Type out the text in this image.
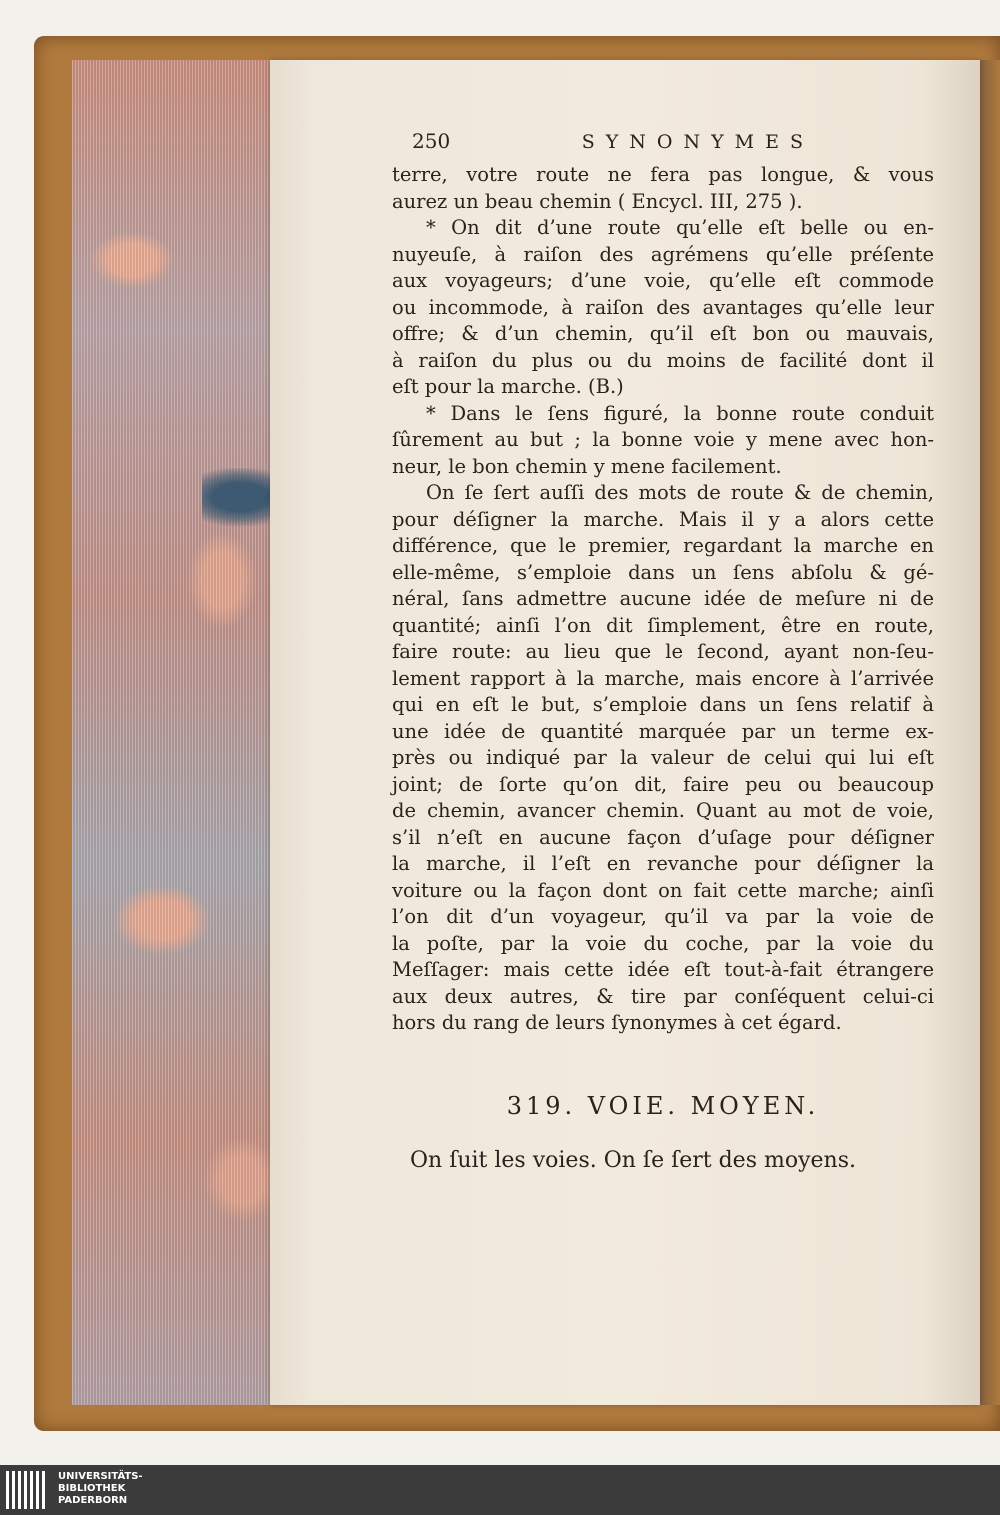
250	SYNONYMES
terre, votre route ne fera pas longue, & vous
aurez un beau chemin ( Encycl. III, 275 ).
* On dit d’une route qu’elle eſt belle ou en-
nuyeuſe, à raiſon des agrémens qu’elle préſente
aux voyageurs; d’une voie, qu’elle eſt commode
ou incommode, à raiſon des avantages qu’elle leur
offre; & d’un chemin, qu’il eſt bon ou mauvais,
à raiſon du plus ou du moins de facilité dont il
eſt pour la marche. (B.)
* Dans le ſens figuré, la bonne route conduit
ſûrement au but ; la bonne voie y mene avec hon-
neur, le bon chemin y mene facilement.
On ſe ſert auſſi des mots de route & de chemin,
pour déſigner la marche. Mais il y a alors cette
différence, que le premier, regardant la marche en
elle-même, s’emploie dans un ſens abſolu & gé-
néral, ſans admettre aucune idée de meſure ni de
quantité; ainſi l’on dit ſimplement, être en route,
faire route: au lieu que le ſecond, ayant non-ſeu-
lement rapport à la marche, mais encore à l’arrivée
qui en eſt le but, s’emploie dans un ſens relatif à
une idée de quantité marquée par un terme ex-
près ou indiqué par la valeur de celui qui lui eſt
joint; de ſorte qu’on dit, faire peu ou beaucoup
de chemin, avancer chemin. Quant au mot de voie,
s’il n’eſt en aucune façon d’uſage pour déſigner
la marche, il l’eſt en revanche pour déſigner la
voiture ou la façon dont on fait cette marche; ainſi
l’on dit d’un voyageur, qu’il va par la voie de
la poſte, par la voie du coche, par la voie du
Meſſager: mais cette idée eſt tout-à-fait étrangere
aux deux autres, & tire par conſéquent celui-ci
hors du rang de leurs ſynonymes à cet égard.
319. VOIE. MOYEN.
On ſuit les voies. On ſe ſert des moyens.
UNIVERSITÄTS-
BIBLIOTHEK
PADERBORN
